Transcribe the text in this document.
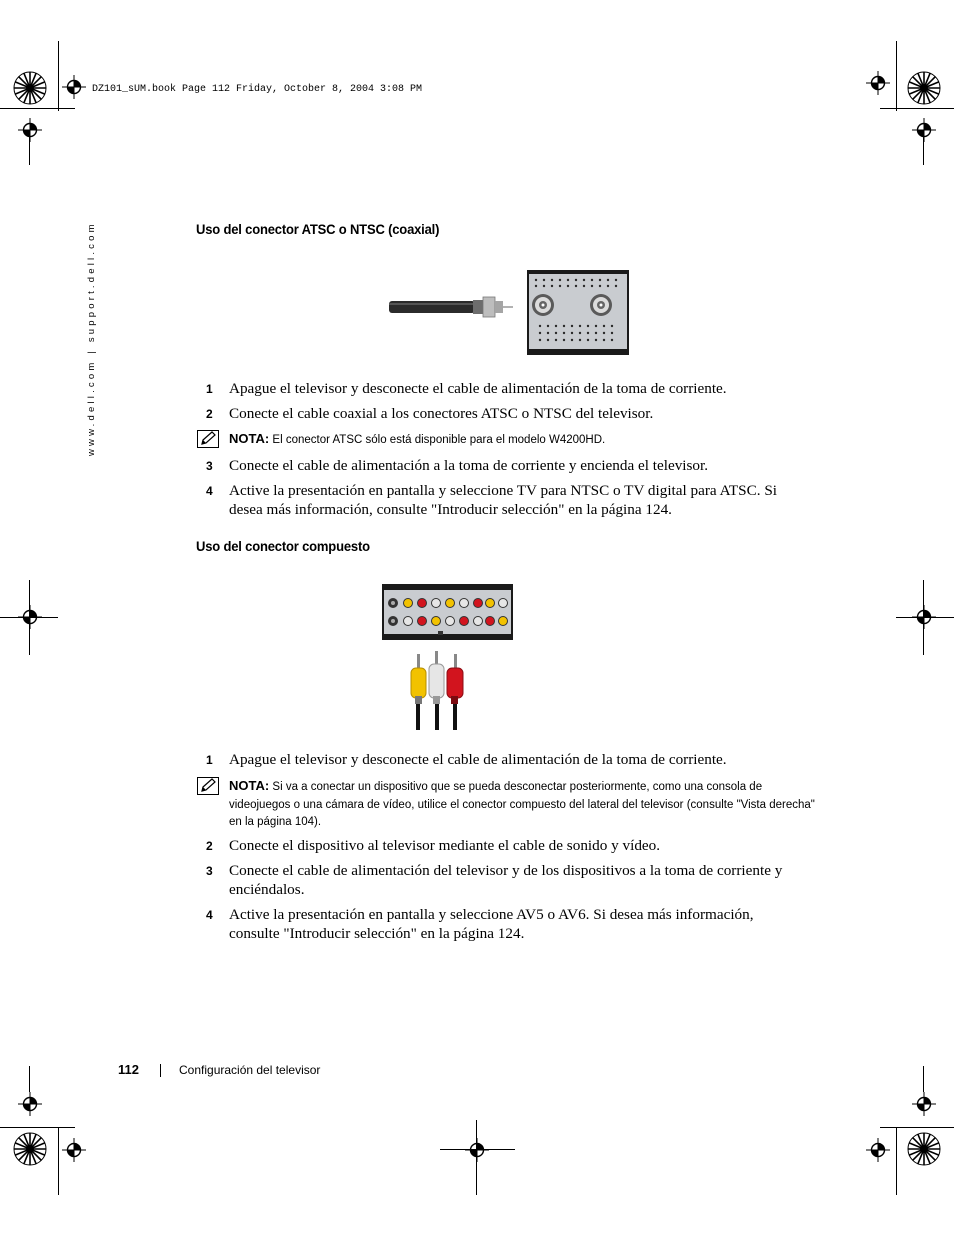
DZ101_sUM.book Page 112 Friday, October 8, 2004 3:08 PM
www.dell.com | support.dell.com	Uso del conector ATSC o NTSC (coaxial)
1 Apague el televisor y desconecte el cable de alimentación de la toma de corriente.
2 Conecte el cable coaxial a los conectores ATSC o NTSC del televisor.
NOTA: El conector ATSC sólo está disponible para el modelo W4200HD.
3 Conecte el cable de alimentación a la toma de corriente y encienda el televisor.
4 Active la presentación en pantalla y seleccione TV para NTSC o TV digital para ATSC. Si desea más información, consulte "Introducir selección" en la página 124.
Uso del conector compuesto
1 Apague el televisor y desconecte el cable de alimentación de la toma de corriente.
NOTA: Si va a conectar un dispositivo que se pueda desconectar posteriormente, como una consola de videojuegos o una cámara de vídeo, utilice el conector compuesto del lateral del televisor (consulte "Vista derecha" en la página 104).
2 Conecte el dispositivo al televisor mediante el cable de sonido y vídeo.
3 Conecte el cable de alimentación del televisor y de los dispositivos a la toma de corriente y enciéndalos.
4 Active la presentación en pantalla y seleccione AV5 o AV6. Si desea más información, consulte "Introducir selección" en la página 124.
112	Configuración del televisor
